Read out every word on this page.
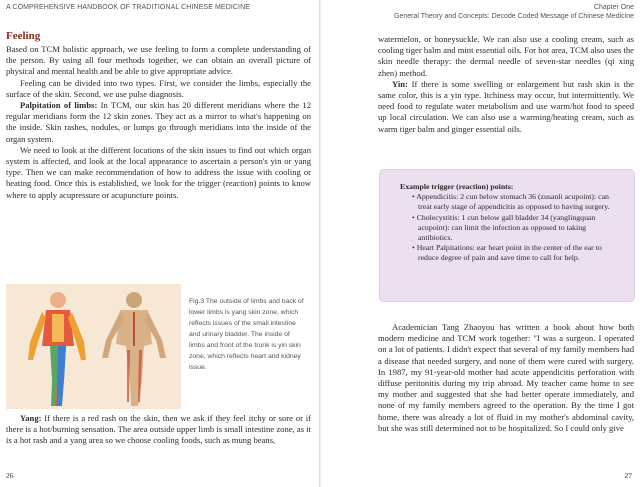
A COMPREHENSIVE HANDBOOK OF TRADITIONAL CHINESE MEDICINE
Feeling

Based on TCM holistic approach, we use feeling to form a complete understanding of the person. By using all four methods together, we can obtain an overall picture of physical and mental health and be able to give appropriate advice.

Feeling can be divided into two types. First, we consider the limbs, especially the surface of the skin. Second, we use pulse diagnosis.

Palpitation of limbs: In TCM, our skin has 20 different meridians where the 12 regular meridians form the 12 skin zones. They act as a mirror to what's happening on the inside. Skin rashes, nodules, or lumps go through meridians into the inside of the organ system.

We need to look at the different locations of the skin issues to find out which organ system is affected, and look at the local appearance to ascertain a person's yin or yang type. Then we can make recommendation of how to address the issue with cooling or heating food. Once this is established, we look for the trigger (reaction) points to know where to apply acupressure or acupuncture points.

Fig.3 The outside of limbs and back of lower limbs is yang skin zone, which reflects issues of the small intestine and urinary bladder. The inside of limbs and front of the trunk is yin skin zone, which reflects heart and kidney issue.

Yang: If there is a red rash on the skin, then we ask if they feel itchy or sore or if there is a hot/burning sensation. The area outside upper limb is small intestine zone, as it is a hot rash and a yang area so we choose cooling foods, such as mung beans,

26
Chapter One
General Theory and Concepts: Decode Coded Message of Chinese Medicine

watermelon, or honeysuckle. We can also use a cooling cream, such as cooling tiger balm and mint essential oils. For hot area, TCM also uses the skin needle therapy: the dermal needle of seven-star needles (qi xing zhen) method.

Yin: If there is some swelling or enlargement but rash skin is the same color, this is a yin type. Itchiness may occur, but intermittently. We need food to regulate water metabolism and use warm/hot food to speed up local circulation. We can also use a warming/heating cream, such as warm tiger balm and ginger essential oils.

Example trigger (reaction) points:
• Appendicitis: 2 cun below stomach 36 (zusanli acupoint): can treat early stage of appendicitis as opposed to having surgery.
• Cholecystitis: 1 cun below gall bladder 34 (yanglingquan acupoint): can limit the infection as opposed to taking antibiotics.
• Heart Palpitations: ear heart point in the center of the ear to reduce degree of pain and save time to call for help.

Academician Tang Zhaoyou has written a book about how both modern medicine and TCM work together: "I was a surgeon. I operated on a lot of patients. I didn't expect that several of my family members had a disease that needed surgery, and none of them were cured with surgery. In 1987, my 91-year-old mother had acute appendicitis perforation with diffuse peritonitis during my trip abroad. My teacher came home to see my mother and suggested that she had better operate immediately, and none of my family members agreed to the operation. By the time I got home, there was already a lot of fluid in my mother's abdominal cavity, but she was still determined not to be hospitalized. So I could only give

27
